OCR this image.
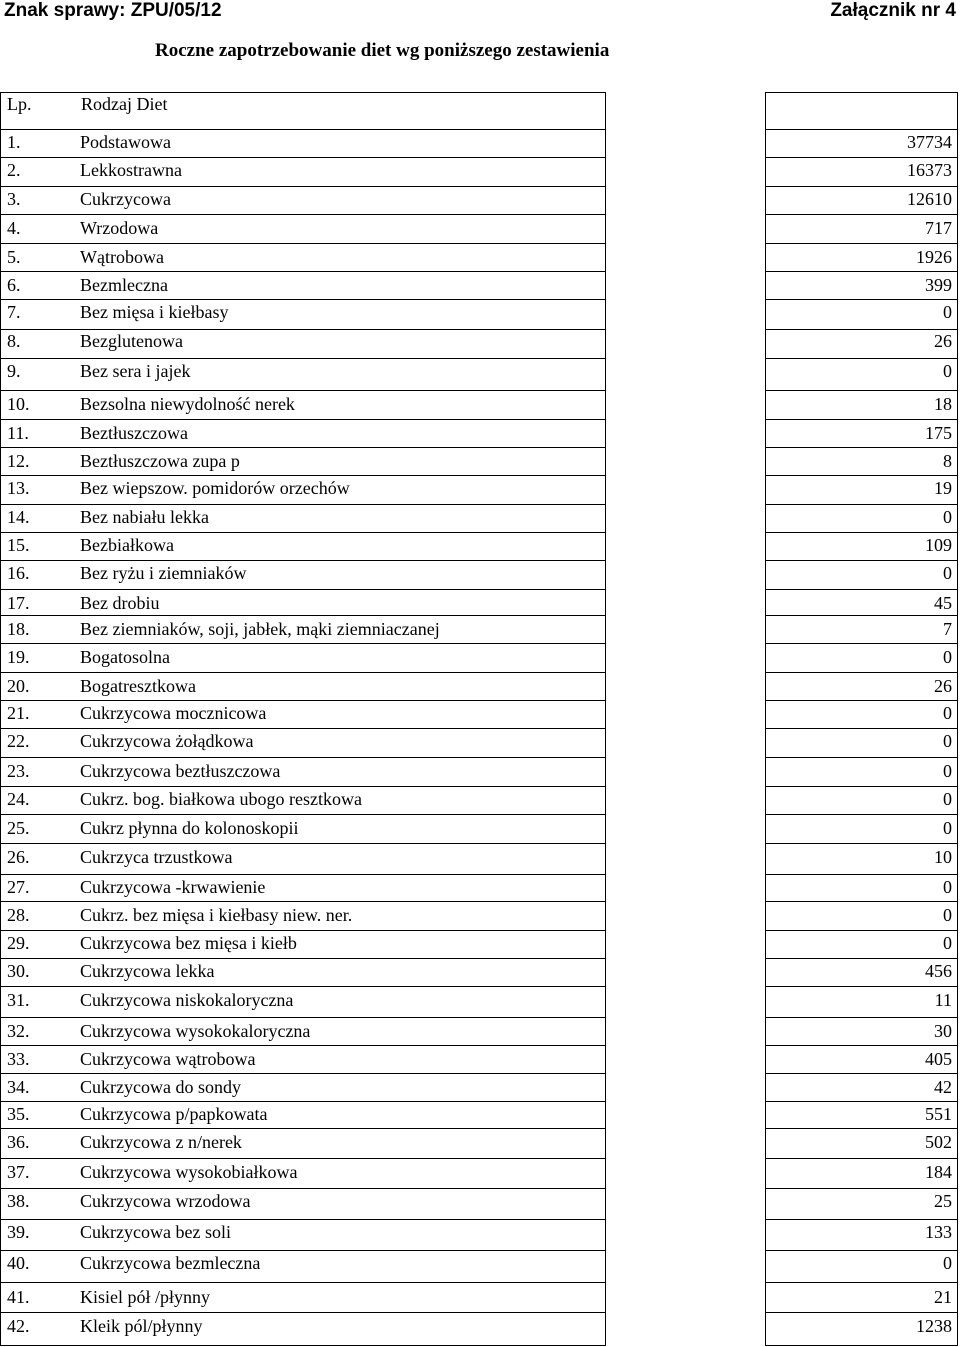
Znak sprawy: ZPU/05/12	Załącznik nr 4
Roczne zapotrzebowanie diet wg poniższego zestawienia
Lp.	Rodzaj Diet
1.	Podstawowa	37734
2.	Lekkostrawna	16373
3.	Cukrzycowa	12610
4.	Wrzodowa	717
5.	Wątrobowa	1926
6.	Bezmleczna	399
7.	Bez mięsa i kiełbasy	0
8.	Bezglutenowa	26
9.	Bez sera i jajek	0
10.	Bezsolna niewydolność nerek	18
11.	Beztłuszczowa	175
12.	Beztłuszczowa zupa p	8
13.	Bez wiepszow. pomidorów orzechów	19
14.	Bez nabiału lekka	0
15.	Bezbiałkowa	109
16.	Bez ryżu i ziemniaków	0
17.	Bez drobiu	45
18.	Bez ziemniaków, soji, jabłek, mąki ziemniaczanej	7
19.	Bogatosolna	0
20.	Bogatresztkowa	26
21.	Cukrzycowa mocznicowa	0
22.	Cukrzycowa żołądkowa	0
23.	Cukrzycowa beztłuszczowa	0
24.	Cukrz. bog. białkowa ubogo resztkowa	0
25.	Cukrz płynna do kolonoskopii	0
26.	Cukrzyca trzustkowa	10
27.	Cukrzycowa -krwawienie	0
28.	Cukrz. bez mięsa i kiełbasy niew. ner.	0
29.	Cukrzycowa bez mięsa i kiełb	0
30.	Cukrzycowa lekka	456
31.	Cukrzycowa niskokaloryczna	11
32.	Cukrzycowa wysokokaloryczna	30
33.	Cukrzycowa wątrobowa	405
34.	Cukrzycowa do sondy	42
35.	Cukrzycowa p/papkowata	551
36.	Cukrzycowa z n/nerek	502
37.	Cukrzycowa wysokobiałkowa	184
38.	Cukrzycowa wrzodowa	25
39.	Cukrzycowa bez soli	133
40.	Cukrzycowa bezmleczna	0
41.	Kisiel pół /płynny	21
42.	Kleik pól/płynny	1238
